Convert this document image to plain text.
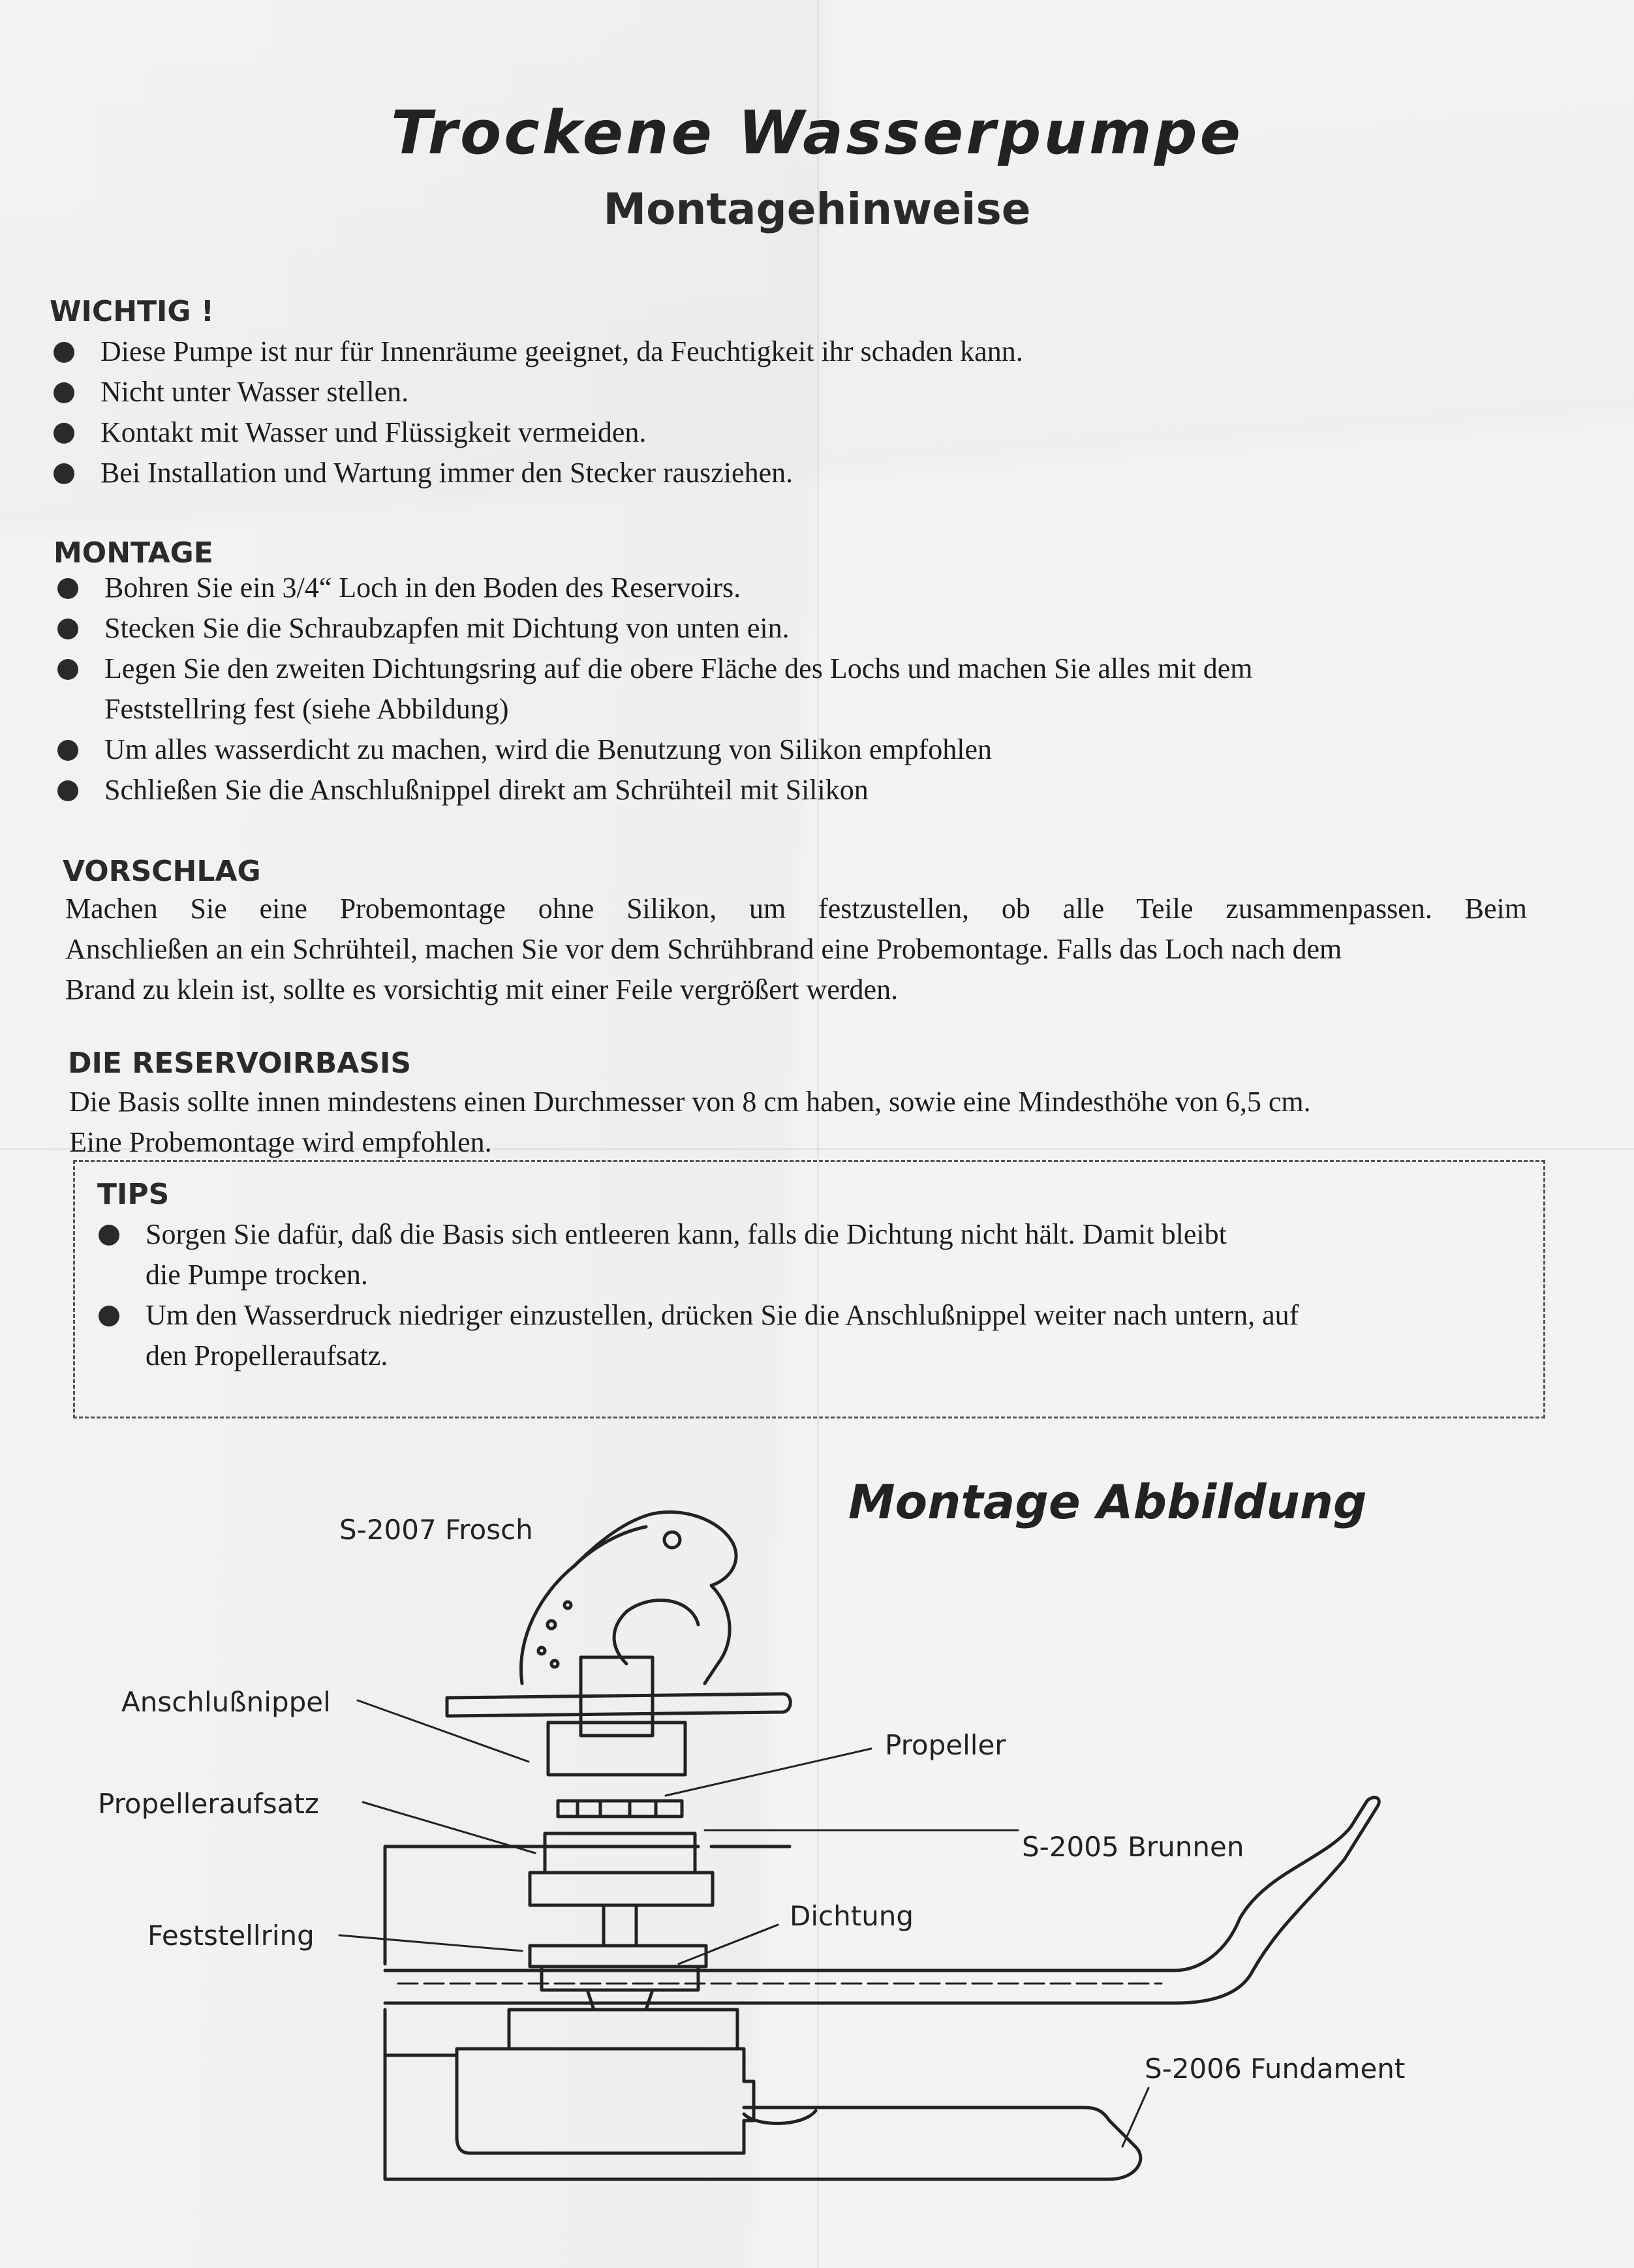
Trockene Wasserpumpe
Montagehinweise
WICHTIG !
Diese Pumpe ist nur für Innenräume geeignet, da Feuchtigkeit ihr schaden kann.
Nicht unter Wasser stellen.
Kontakt mit Wasser und Flüssigkeit vermeiden.
Bei Installation und Wartung immer den Stecker rausziehen.
MONTAGE
Bohren Sie ein 3/4“ Loch in den Boden des Reservoirs.
Stecken Sie die Schraubzapfen mit Dichtung von unten ein.
Legen Sie den zweiten Dichtungsring auf die obere Fläche des Lochs und machen Sie alles mit dem
Feststellring fest (siehe Abbildung)
Um alles wasserdicht zu machen, wird die Benutzung von Silikon empfohlen
Schließen Sie die Anschlußnippel direkt am Schrühteil mit Silikon
VORSCHLAG
Machen Sie eine Probemontage ohne Silikon, um festzustellen, ob alle Teile zusammenpassen. Beim
Anschließen an ein Schrühteil, machen Sie vor dem Schrühbrand eine Probemontage. Falls das Loch nach dem
Brand zu klein ist, sollte es vorsichtig mit einer Feile vergrößert werden.
DIE RESERVOIRBASIS
Die Basis sollte innen mindestens einen Durchmesser von 8 cm haben, sowie eine Mindesthöhe von 6,5 cm.
Eine Probemontage wird empfohlen.
TIPS
Sorgen Sie dafür, daß die Basis sich entleeren kann, falls die Dichtung nicht hält. Damit bleibt
die Pumpe trocken.
Um den Wasserdruck niedriger einzustellen, drücken Sie die Anschlußnippel weiter nach untern, auf
den Propelleraufsatz.
Montage Abbildung
S-2007 Frosch
Anschlußnippel
Propeller
Propelleraufsatz
S-2005 Brunnen
Feststellring
Dichtung
S-2006 Fundament
